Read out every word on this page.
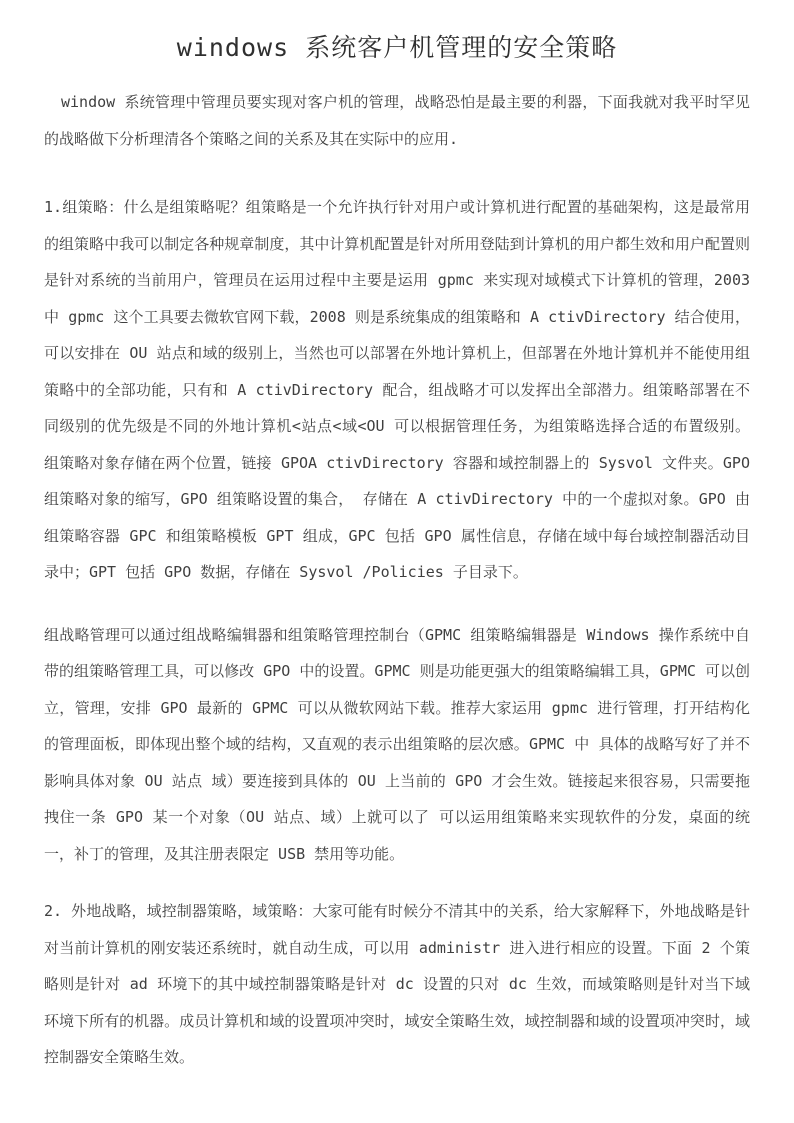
windows 系统客户机管理的安全策略

window 系统管理中管理员要实现对客户机的管理，战略恐怕是最主要的利器，下面我就对我平时罕见的战略做下分析理清各个策略之间的关系及其在实际中的应用.

1.组策略：什么是组策略呢？组策略是一个允许执行针对用户或计算机进行配置的基础架构，这是最常用的组策略中我可以制定各种规章制度，其中计算机配置是针对所用登陆到计算机的用户都生效和用户配置则是针对系统的当前用户，管理员在运用过程中主要是运用 gpmc 来实现对域模式下计算机的管理，2003 中 gpmc 这个工具要去微软官网下载，2008 则是系统集成的组策略和 A ctivDirectory 结合使用，可以安排在 OU 站点和域的级别上，当然也可以部署在外地计算机上，但部署在外地计算机并不能使用组策略中的全部功能，只有和 A ctivDirectory 配合，组战略才可以发挥出全部潜力。组策略部署在不同级别的优先级是不同的外地计算机<站点<域<OU 可以根据管理任务，为组策略选择合适的布置级别。 组策略对象存储在两个位置，链接 GPOA ctivDirectory 容器和域控制器上的 Sysvol 文件夹。GPO 组策略对象的缩写，GPO 组策略设置的集合， 存储在 A ctivDirectory 中的一个虚拟对象。GPO 由组策略容器 GPC 和组策略模板 GPT 组成，GPC 包括 GPO 属性信息，存储在域中每台域控制器活动目录中；GPT 包括 GPO 数据，存储在 Sysvol /Policies 子目录下。

组战略管理可以通过组战略编辑器和组策略管理控制台（GPMC 组策略编辑器是 Windows 操作系统中自带的组策略管理工具，可以修改 GPO 中的设置。GPMC 则是功能更强大的组策略编辑工具，GPMC 可以创立，管理，安排 GPO 最新的 GPMC 可以从微软网站下载。推荐大家运用 gpmc 进行管理，打开结构化的管理面板，即体现出整个域的结构，又直观的表示出组策略的层次感。GPMC 中 具体的战略写好了并不影响具体对象 OU 站点 域）要连接到具体的 OU 上当前的 GPO 才会生效。链接起来很容易，只需要拖拽住一条 GPO 某一个对象（OU 站点、域）上就可以了 可以运用组策略来实现软件的分发，桌面的统一，补丁的管理，及其注册表限定 USB 禁用等功能。

2. 外地战略，域控制器策略，域策略：大家可能有时候分不清其中的关系，给大家解释下，外地战略是针对当前计算机的刚安装还系统时，就自动生成，可以用 administr 进入进行相应的设置。下面 2 个策略则是针对 ad 环境下的其中域控制器策略是针对 dc 设置的只对 dc 生效，而域策略则是针对当下域环境下所有的机器。成员计算机和域的设置项冲突时，域安全策略生效，域控制器和域的设置项冲突时，域控制器安全策略生效。
